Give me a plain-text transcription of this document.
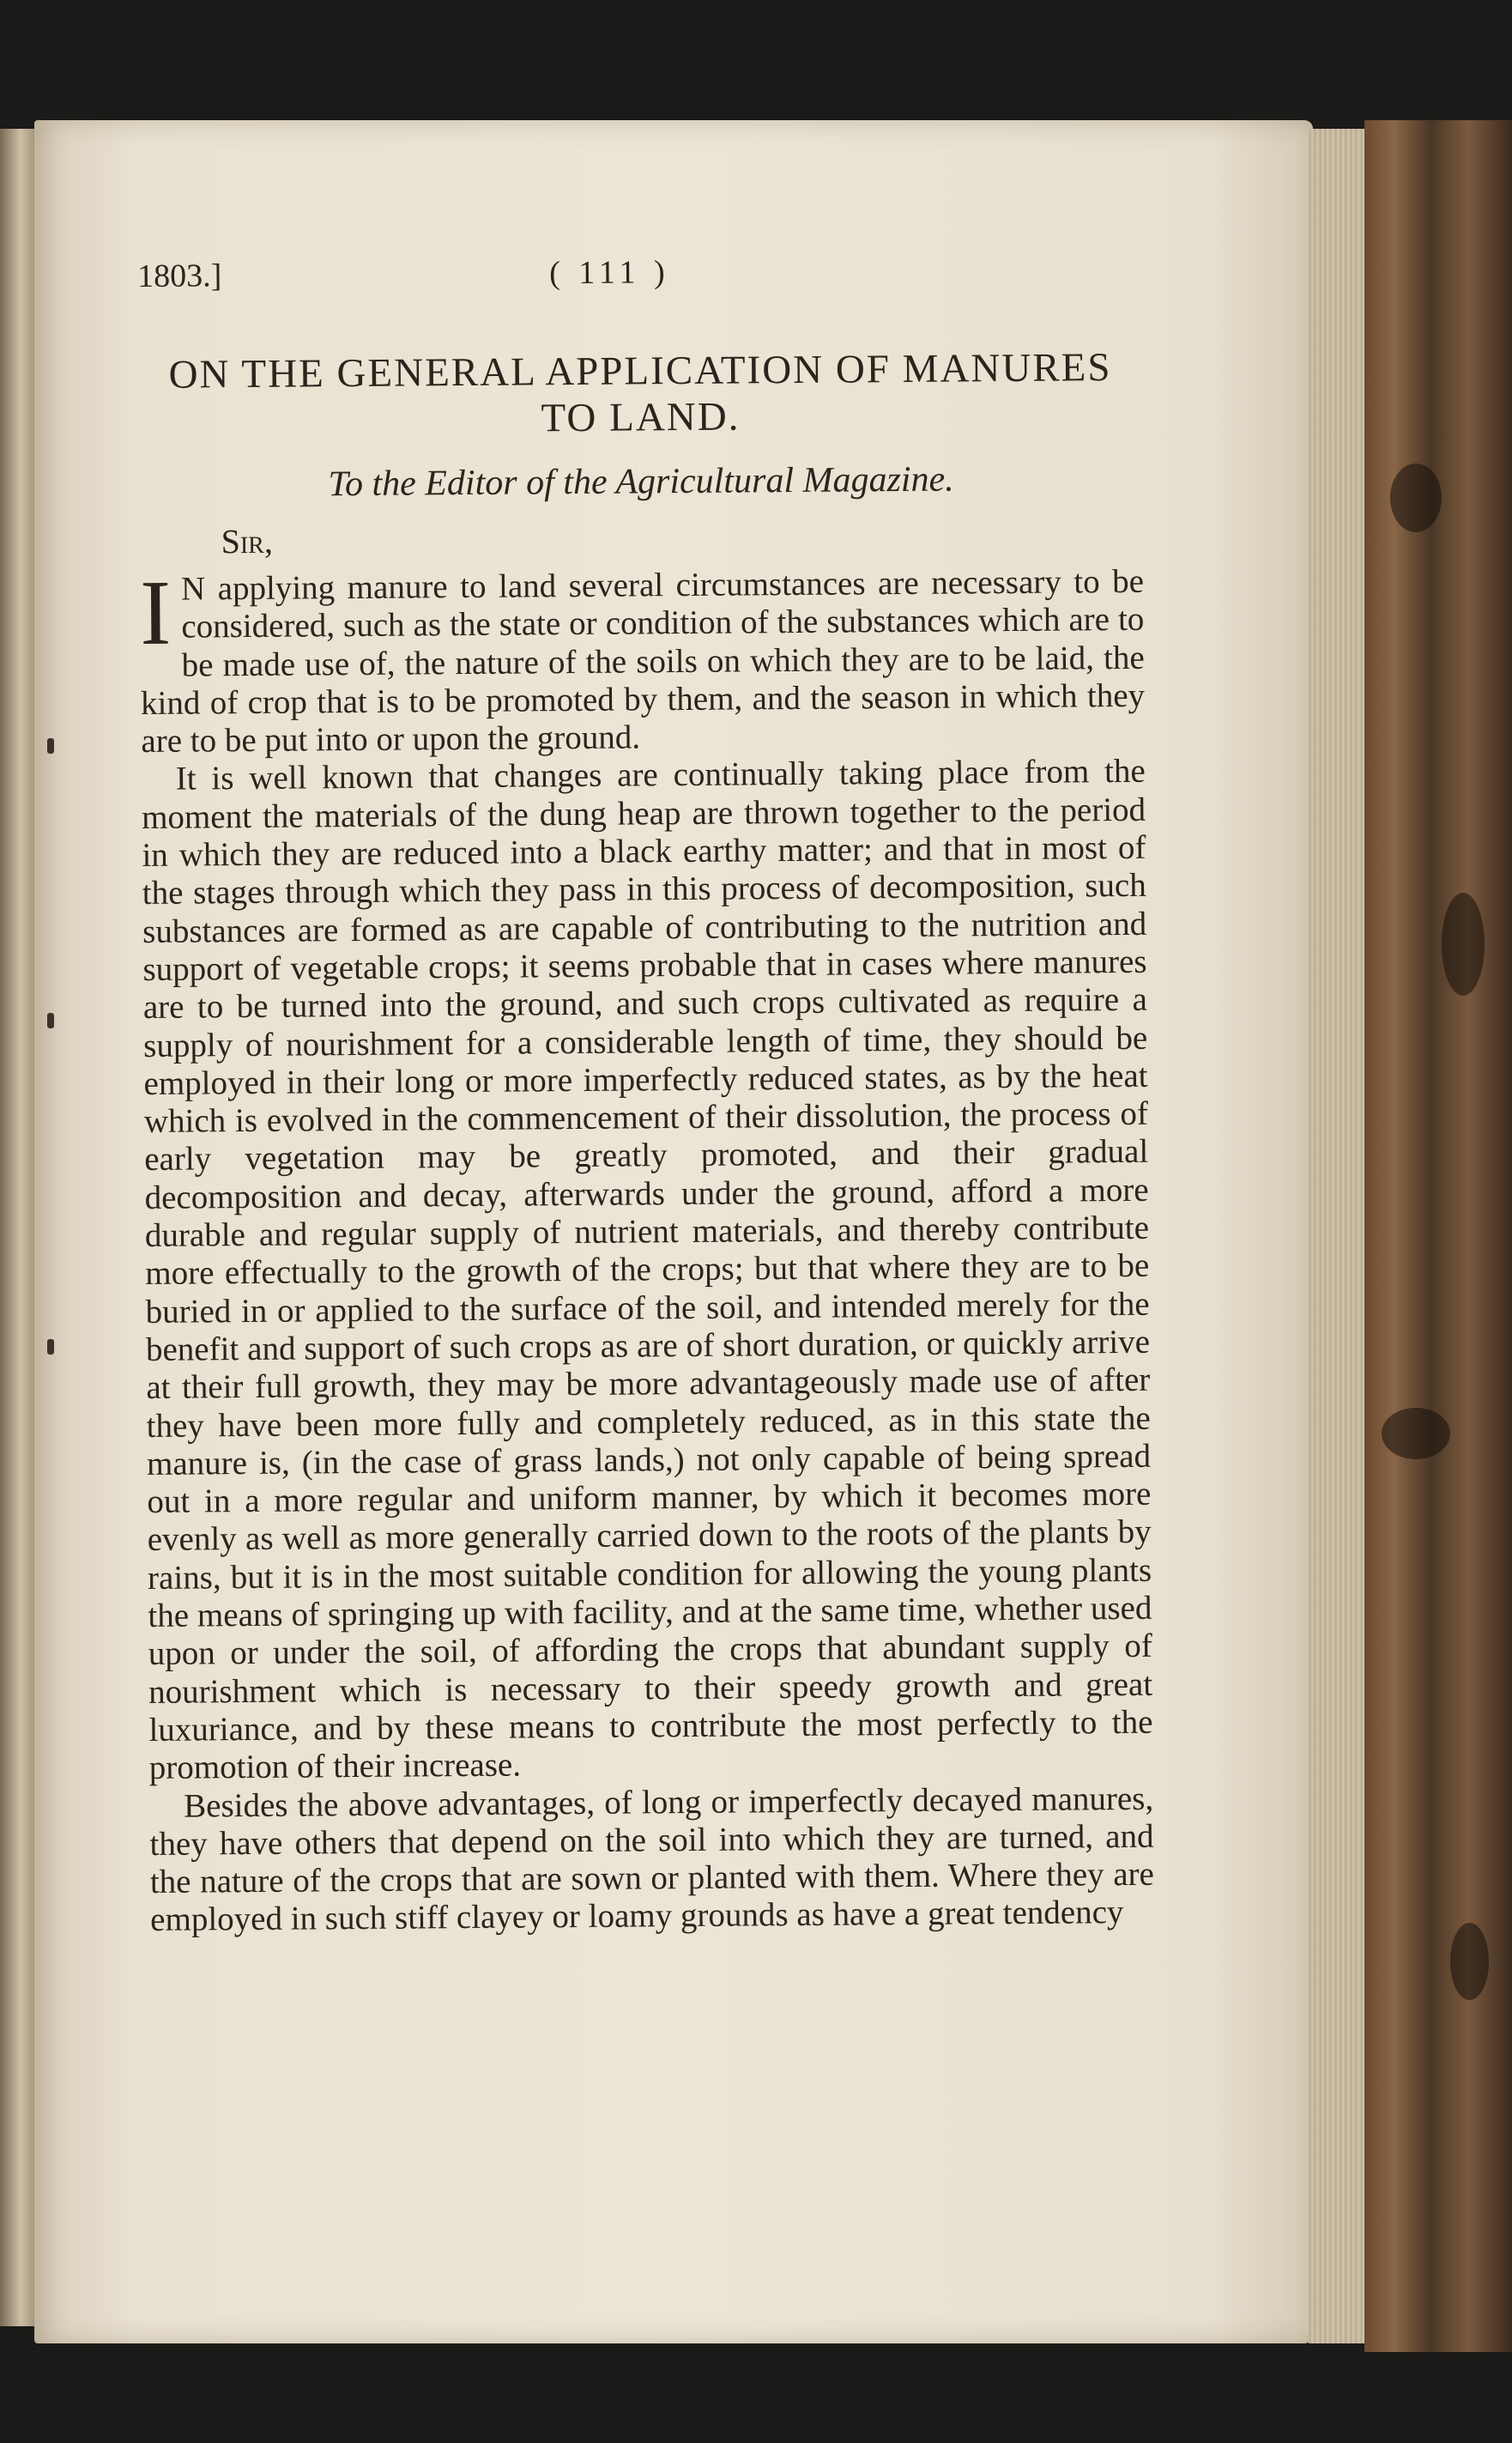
1803.]	( 111 )
ON THE GENERAL APPLICATION OF MANURES
TO LAND.
To the Editor of the Agricultural Magazine.
Sir,

I N applying manure to land several circumstances are necessary to be considered, such as the state or condition of the substances which are to be made use of, the nature of the soils on which they are to be laid, the kind of crop that is to be promoted by them, and the season in which they are to be put into or upon the ground.

It is well known that changes are continually taking place from the moment the materials of the dung heap are thrown together to the period in which they are reduced into a black earthy matter; and that in most of the stages through which they pass in this process of decomposition, such substances are formed as are capable of contributing to the nutrition and support of vegetable crops; it seems probable that in cases where manures are to be turned into the ground, and such crops cultivated as require a supply of nourishment for a considerable length of time, they should be employed in their long or more imperfectly reduced states, as by the heat which is evolved in the commencement of their dissolution, the process of early vegetation may be greatly promoted, and their gradual decomposition and decay, afterwards under the ground, afford a more durable and regular supply of nutrient materials, and thereby contribute more effectually to the growth of the crops; but that where they are to be buried in or applied to the surface of the soil, and intended merely for the benefit and support of such crops as are of short duration, or quickly arrive at their full growth, they may be more advantageously made use of after they have been more fully and completely reduced, as in this state the manure is, (in the case of grass lands,) not only capable of being spread out in a more regular and uniform manner, by which it becomes more evenly as well as more generally carried down to the roots of the plants by rains, but it is in the most suitable condition for allowing the young plants the means of springing up with facility, and at the same time, whether used upon or under the soil, of affording the crops that abundant supply of nourishment which is necessary to their speedy growth and great luxuriance, and by these means to contribute the most perfectly to the promotion of their increase.

Besides the above advantages, of long or imperfectly decayed manures, they have others that depend on the soil into which they are turned, and the nature of the crops that are sown or planted with them. Where they are employed in such stiff clayey or loamy grounds as have a great tendency
